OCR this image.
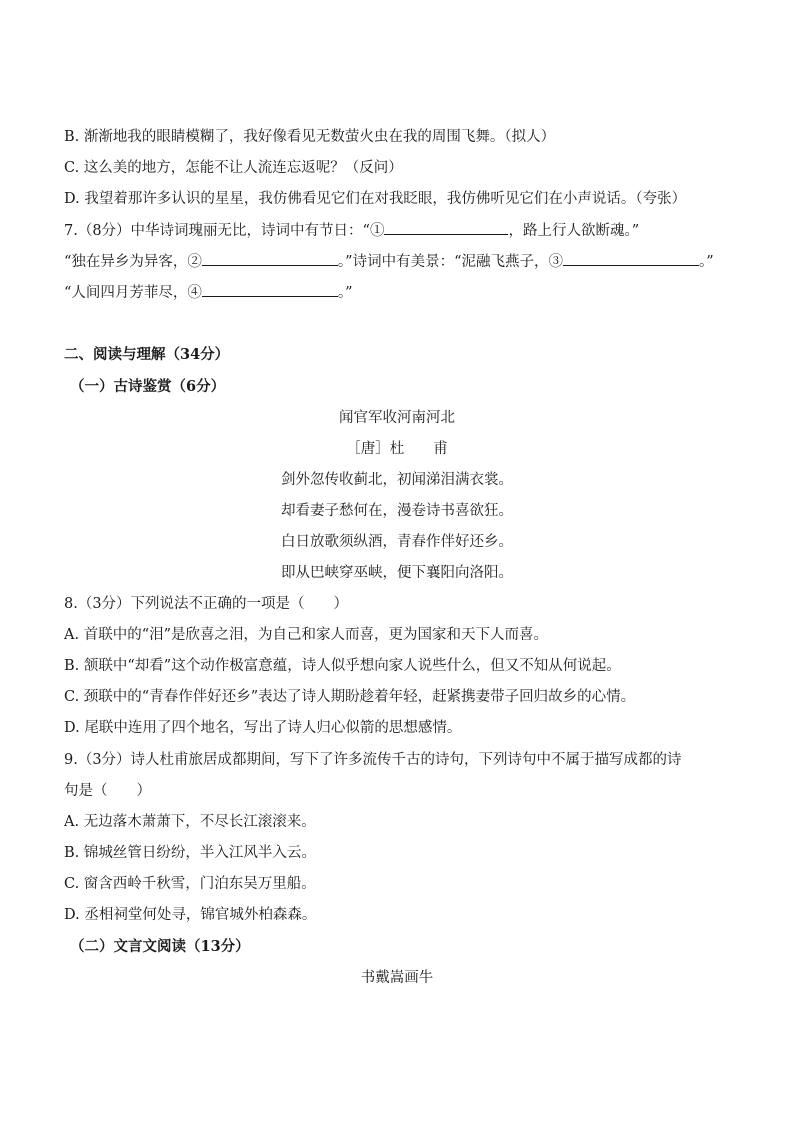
B. 渐渐地我的眼睛模糊了，我好像看见无数萤火虫在我的周围飞舞。（拟人）
C. 这么美的地方，怎能不让人流连忘返呢？（反问）
D. 我望着那许多认识的星星，我仿佛看见它们在对我眨眼，我仿佛听见它们在小声说话。（夸张）
7.（8分）中华诗词瑰丽无比，诗词中有节日：“①	，路上行人欲断魂。”
“独在异乡为异客，②	。”诗词中有美景：“泥融飞燕子，③	。”
“人间四月芳菲尽，④	。”
二、阅读与理解（34分）
（一）古诗鉴赏（6分）
闻官军收河南河北
［唐］杜　　甫
剑外忽传收蓟北，初闻涕泪满衣裳。
却看妻子愁何在，漫卷诗书喜欲狂。
白日放歌须纵酒，青春作伴好还乡。
即从巴峡穿巫峡，便下襄阳向洛阳。
8.（3分）下列说法不正确的一项是（　　）
A. 首联中的“泪”是欣喜之泪，为自己和家人而喜，更为国家和天下人而喜。
B. 颔联中“却看”这个动作极富意蕴，诗人似乎想向家人说些什么，但又不知从何说起。
C. 颈联中的“青春作伴好还乡”表达了诗人期盼趁着年轻，赶紧携妻带子回归故乡的心情。
D. 尾联中连用了四个地名，写出了诗人归心似箭的思想感情。
9.（3分）诗人杜甫旅居成都期间，写下了许多流传千古的诗句，下列诗句中不属于描写成都的诗
句是（　　）
A. 无边落木萧萧下，不尽长江滚滚来。
B. 锦城丝管日纷纷，半入江风半入云。
C. 窗含西岭千秋雪，门泊东吴万里船。
D. 丞相祠堂何处寻，锦官城外柏森森。
（二）文言文阅读（13分）
书戴嵩画牛
